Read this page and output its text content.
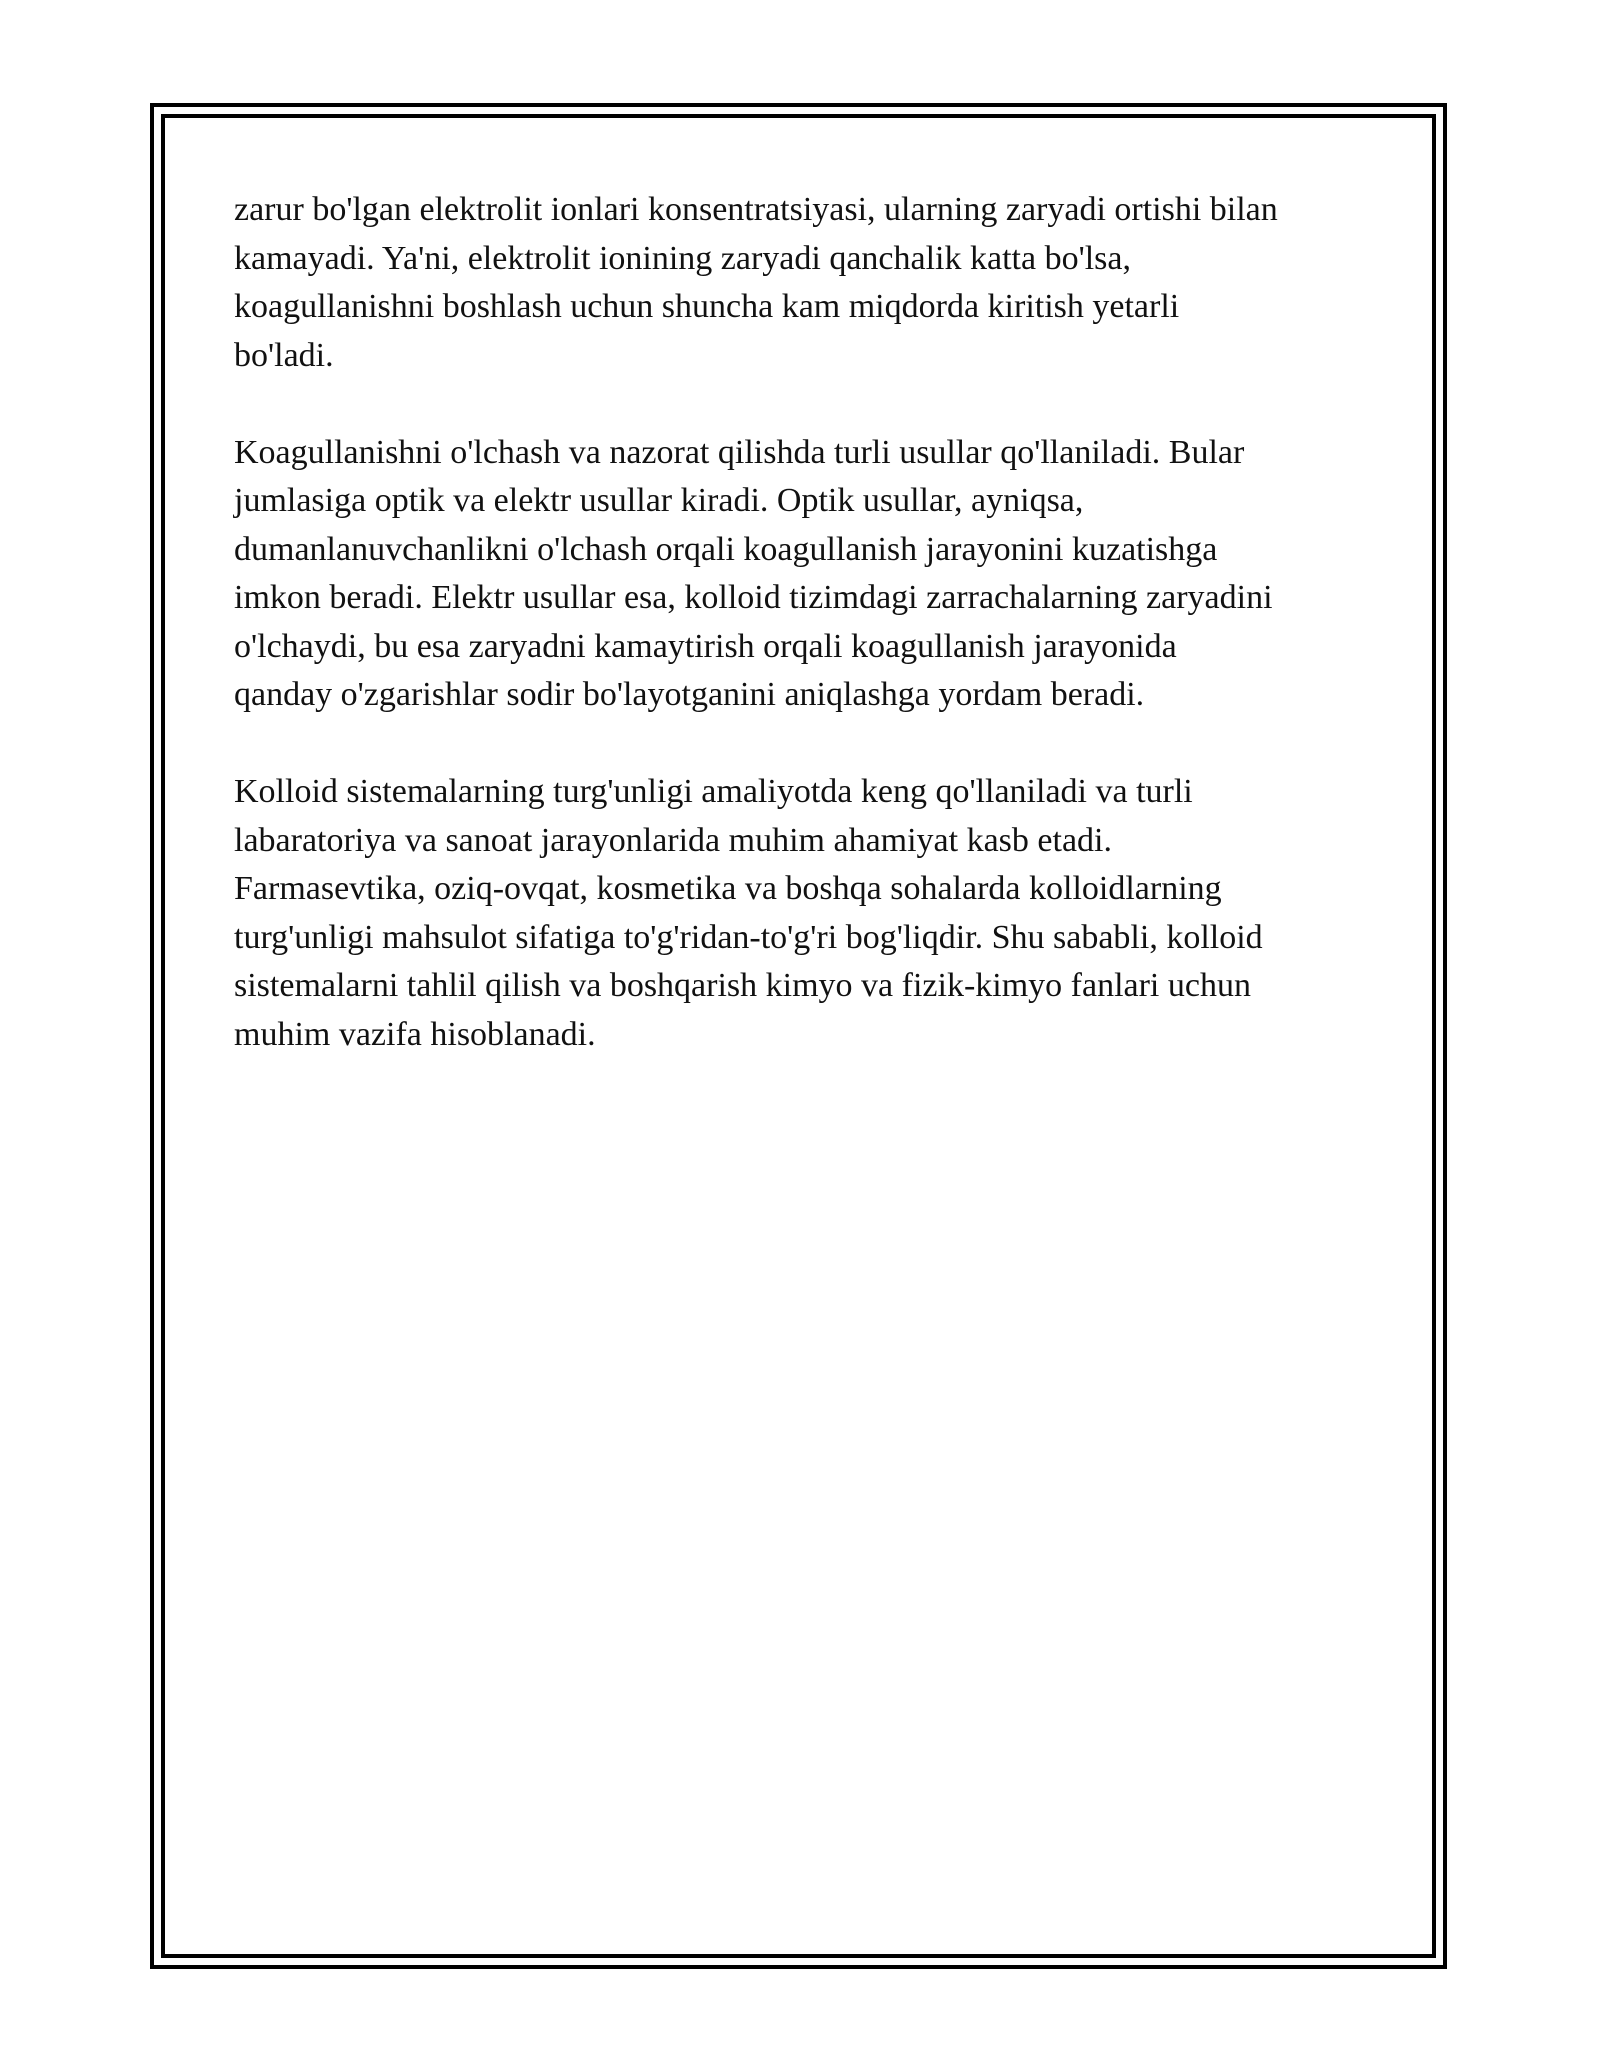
zarur bo'lgan elektrolit ionlari konsentratsiyasi, ularning zaryadi ortishi bilan
kamayadi. Ya'ni, elektrolit ionining zaryadi qanchalik katta bo'lsa,
koagullanishni boshlash uchun shuncha kam miqdorda kiritish yetarli
bo'ladi.

Koagullanishni o'lchash va nazorat qilishda turli usullar qo'llaniladi. Bular
jumlasiga optik va elektr usullar kiradi. Optik usullar, ayniqsa,
dumanlanuvchanlikni o'lchash orqali koagullanish jarayonini kuzatishga
imkon beradi. Elektr usullar esa, kolloid tizimdagi zarrachalarning zaryadini
o'lchaydi, bu esa zaryadni kamaytirish orqali koagullanish jarayonida
qanday o'zgarishlar sodir bo'layotganini aniqlashga yordam beradi.

Kolloid sistemalarning turg'unligi amaliyotda keng qo'llaniladi va turli
labaratoriya va sanoat jarayonlarida muhim ahamiyat kasb etadi.
Farmasevtika, oziq-ovqat, kosmetika va boshqa sohalarda kolloidlarning
turg'unligi mahsulot sifatiga to'g'ridan-to'g'ri bog'liqdir. Shu sababli, kolloid
sistemalarni tahlil qilish va boshqarish kimyo va fizik-kimyo fanlari uchun
muhim vazifa hisoblanadi.
